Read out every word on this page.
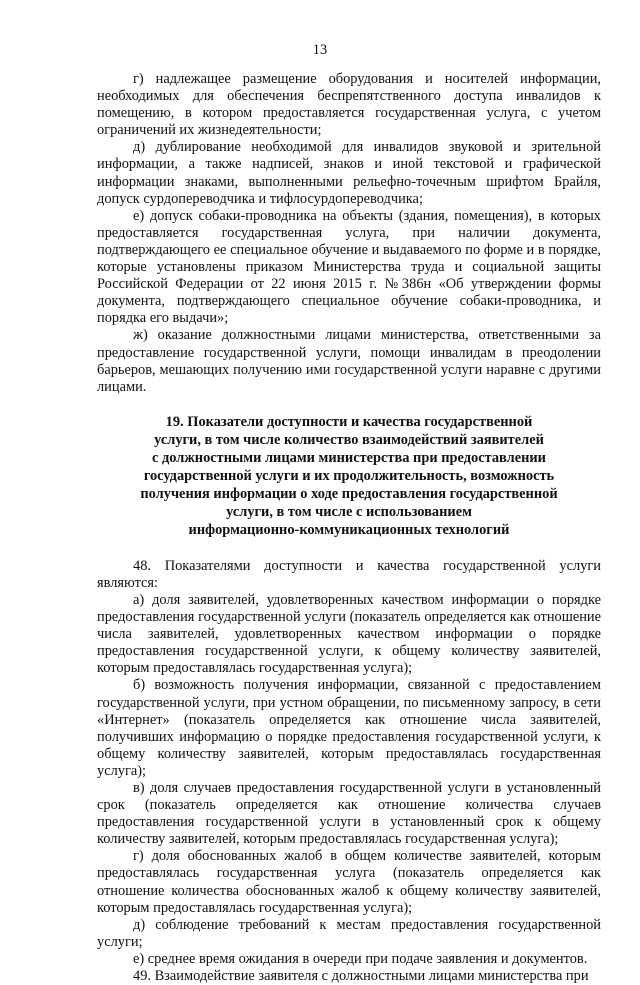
13

г) надлежащее размещение оборудования и носителей информации, необходимых для обеспечения беспрепятственного доступа инвалидов к помещению, в котором предоставляется государственная услуга, с учетом ограничений их жизнедеятельности;

д) дублирование необходимой для инвалидов звуковой и зрительной информации, а также надписей, знаков и иной текстовой и графической информации знаками, выполненными рельефно-точечным шрифтом Брайля, допуск сурдопереводчика и тифлосурдопереводчика;

е) допуск собаки-проводника на объекты (здания, помещения), в которых предоставляется государственная услуга, при наличии документа, подтверждающего ее специальное обучение и выдаваемого по форме и в порядке, которые установлены приказом Министерства труда и социальной защиты Российской Федерации от 22 июня 2015 г. №386н «Об утверждении формы документа, подтверждающего специальное обучение собаки-проводника, и порядка его выдачи»;

ж) оказание должностными лицами министерства, ответственными за предоставление государственной услуги, помощи инвалидам в преодолении барьеров, мешающих получению ими государственной услуги наравне с другими лицами.

19. Показатели доступности и качества государственной
услуги, в том числе количество взаимодействий заявителей
с должностными лицами министерства при предоставлении
государственной услуги и их продолжительность, возможность
получения информации о ходе предоставления государственной
услуги, в том числе с использованием
информационно-коммуникационных технологий

48. Показателями доступности и качества государственной услуги являются:

а) доля заявителей, удовлетворенных качеством информации о порядке предоставления государственной услуги (показатель определяется как отношение числа заявителей, удовлетворенных качеством информации о порядке предоставления государственной услуги, к общему количеству заявителей, которым предоставлялась государственная услуга);

б) возможность получения информации, связанной с предоставлением государственной услуги, при устном обращении, по письменному запросу, в сети «Интернет» (показатель определяется как отношение числа заявителей, получивших информацию о порядке предоставления государственной услуги, к общему количеству заявителей, которым предоставлялась государственная услуга);

в) доля случаев предоставления государственной услуги в установленный срок (показатель определяется как отношение количества случаев предоставления государственной услуги в установленный срок к общему количеству заявителей, которым предоставлялась государственная услуга);

г) доля обоснованных жалоб в общем количестве заявителей, которым предоставлялась государственная услуга (показатель определяется как отношение количества обоснованных жалоб к общему количеству заявителей, которым предоставлялась государственная услуга);

д) соблюдение требований к местам предоставления государственной услуги;

е) среднее время ожидания в очереди при подаче заявления и документов.

49. Взаимодействие заявителя с должностными лицами министерства при
